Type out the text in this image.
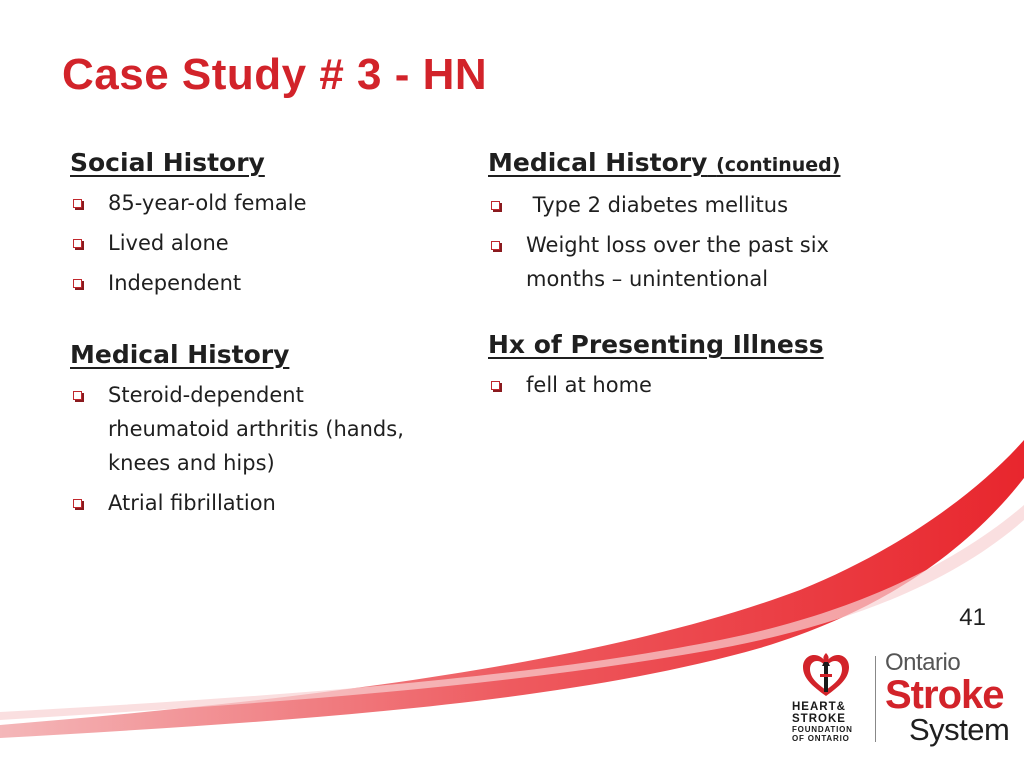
Case Study # 3 - HN
Social History
85-year-old female
Lived alone
Independent
Medical History
Steroid-dependent rheumatoid arthritis (hands, knees and hips)
Atrial fibrillation
Medical History (continued)
Type 2 diabetes mellitus
Weight loss over the past six months – unintentional
Hx of Presenting Illness
fell at home
41
HEART&
STROKE
FOUNDATION
OF ONTARIO
Ontario
Stroke
System
